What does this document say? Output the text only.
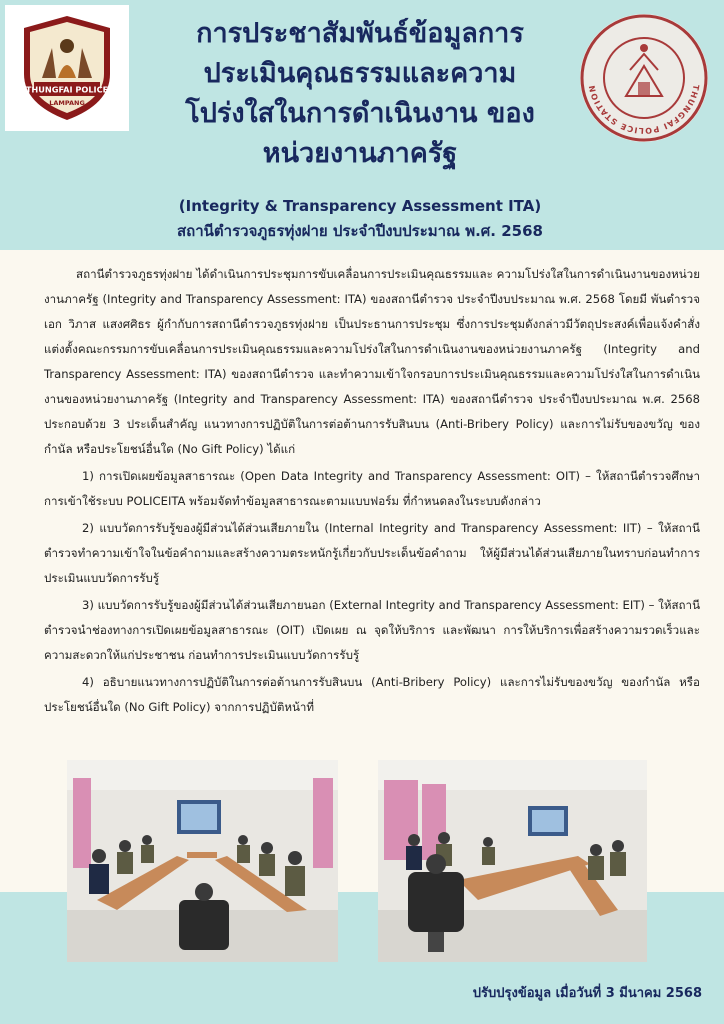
THUNGFAI POLICE
LAMPANG
THUNGFAI POLICE STATION
การประชาสัมพันธ์ข้อมูลการ
ประเมินคุณธรรมและความ
โปร่งใสในการดำเนินงาน ของ
หน่วยงานภาครัฐ
(Integrity & Transparency Assessment ITA)
สถานีตำรวจภูธรทุ่งฝาย ประจำปีงบประมาณ พ.ศ. 2568

สถานีตำรวจภูธรทุ่งฝาย ได้ดำเนินการประชุมการขับเคลื่อนการประเมินคุณธรรมและ ความโปร่งใสในการดำเนินงานของหน่วยงานภาครัฐ (Integrity and Transparency Assessment: ITA) ของสถานีตำรวจ ประจำปีงบประมาณ พ.ศ. 2568 โดยมี พันตำรวจเอก วิภาส แสงศศิธร ผู้กำกับการสถานีตำรวจภูธรทุ่งฝาย เป็นประธานการประชุม ซึ่งการประชุมดังกล่าวมีวัตถุประสงค์เพื่อแจ้งคำสั่งแต่งตั้งคณะกรรมการขับเคลื่อนการประเมินคุณธรรมและความโปร่งใสในการดำเนินงานของหน่วยงานภาครัฐ (Integrity and Transparency Assessment: ITA) ของสถานีตำรวจ และทำความเข้าใจกรอบการประเมินคุณธรรมและความโปร่งใสในการดำเนินงานของหน่วยงานภาครัฐ (Integrity and Transparency Assessment: ITA) ของสถานีตำรวจ ประจำปีงบประมาณ พ.ศ. 2568 ประกอบด้วย 3 ประเด็นสำคัญ แนวทางการปฏิบัติในการต่อต้านการรับสินบน (Anti-Bribery Policy) และการไม่รับของขวัญ ของกำนัล หรือประโยชน์อื่นใด (No Gift Policy) ได้แก่

1) การเปิดเผยข้อมูลสาธารณะ (Open Data Integrity and Transparency Assessment: OIT) – ให้สถานีตำรวจศึกษาการเข้าใช้ระบบ POLICEITA พร้อมจัดทำข้อมูลสาธารณะตามแบบฟอร์ม ที่กำหนดลงในระบบดังกล่าว

2) แบบวัดการรับรู้ของผู้มีส่วนได้ส่วนเสียภายใน (Internal Integrity and Transparency Assessment: IIT) – ให้สถานีตำรวจทำความเข้าใจในข้อคำถามและสร้างความตระหนักรู้เกี่ยวกับประเด็นข้อคำถาม ให้ผู้มีส่วนได้ส่วนเสียภายในทราบก่อนทำการประเมินแบบวัดการรับรู้

3) แบบวัดการรับรู้ของผู้มีส่วนได้ส่วนเสียภายนอก (External Integrity and Transparency Assessment: EIT) – ให้สถานีตำรวจนำช่องทางการเปิดเผยข้อมูลสาธารณะ (OIT) เปิดเผย ณ จุดให้บริการ และพัฒนา การให้บริการเพื่อสร้างความรวดเร็วและความสะดวกให้แก่ประชาชน ก่อนทำการประเมินแบบวัดการรับรู้

4) อธิบายแนวทางการปฏิบัติในการต่อต้านการรับสินบน (Anti-Bribery Policy) และการไม่รับของขวัญ ของกำนัล หรือประโยชน์อื่นใด (No Gift Policy) จากการปฏิบัติหน้าที่

ปรับปรุงข้อมูล เมื่อวันที่ 3 มีนาคม 2568
